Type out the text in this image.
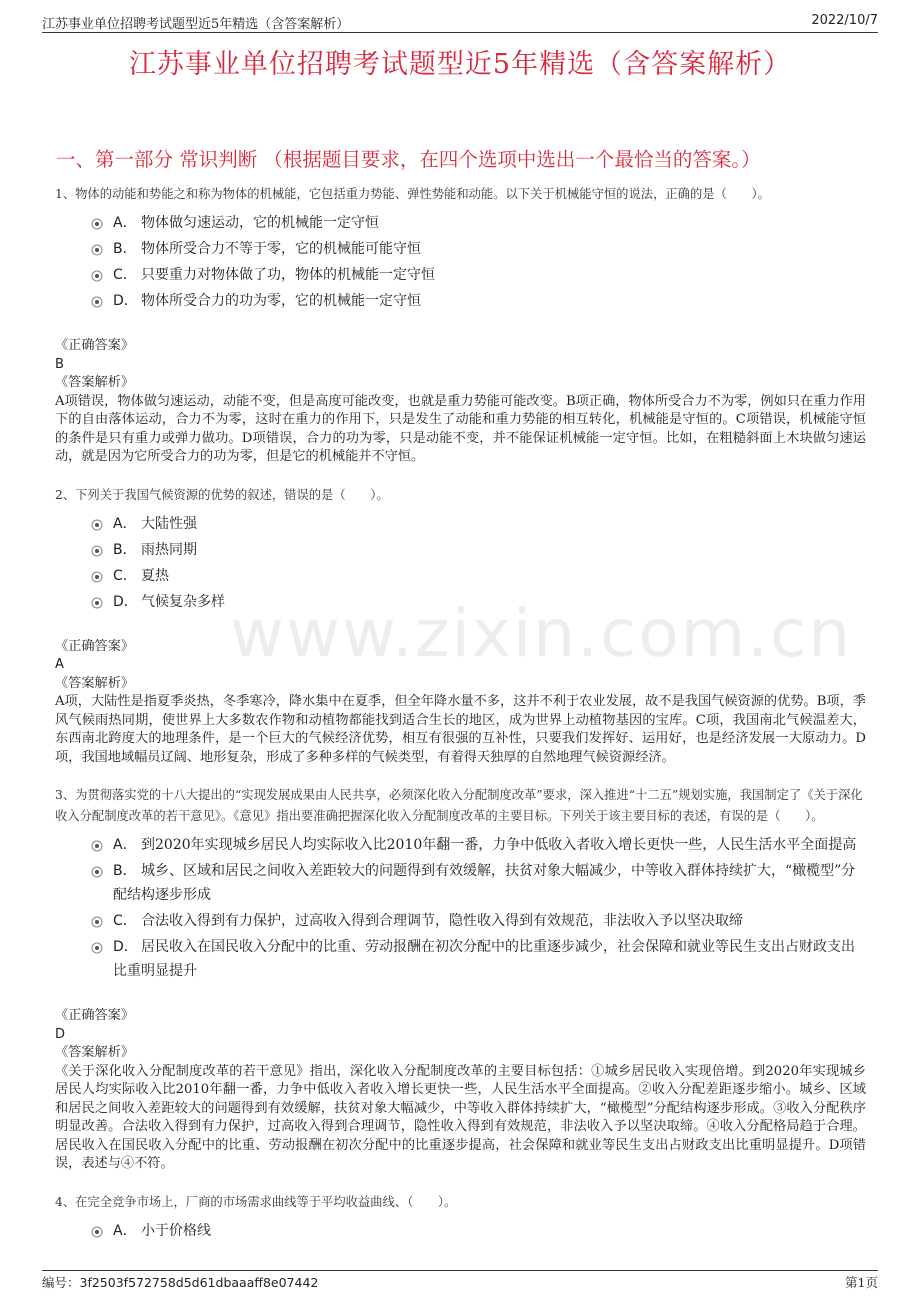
江苏事业单位招聘考试题型近5年精选（含答案解析）	2022/10/7
江苏事业单位招聘考试题型近5年精选（含答案解析）
一、第一部分 常识判断 （根据题目要求，在四个选项中选出一个最恰当的答案。）

1、物体的动能和势能之和称为物体的机械能，它包括重力势能、弹性势能和动能。以下关于机械能守恒的说法，正确的是（　　）。

A． 物体做匀速运动，它的机械能一定守恒
B． 物体所受合力不等于零，它的机械能可能守恒
C． 只要重力对物体做了功，物体的机械能一定守恒
D． 物体所受合力的功为零，它的机械能一定守恒

《正确答案》

B

《答案解析》

A项错误，物体做匀速运动，动能不变，但是高度可能改变，也就是重力势能可能改变。B项正确，物体所受合力不为零，例如只在重力作用下的自由落体运动，合力不为零，这时在重力的作用下，只是发生了动能和重力势能的相互转化，机械能是守恒的。C项错误，机械能守恒的条件是只有重力或弹力做功。D项错误，合力的功为零，只是动能不变，并不能保证机械能一定守恒。比如，在粗糙斜面上木块做匀速运动，就是因为它所受合力的功为零，但是它的机械能并不守恒。

2、下列关于我国气候资源的优势的叙述，错误的是（　　）。

A． 大陆性强
B． 雨热同期
C． 夏热
D． 气候复杂多样

《正确答案》

A

《答案解析》

A项，大陆性是指夏季炎热，冬季寒冷，降水集中在夏季，但全年降水量不多，这并不利于农业发展，故不是我国气候资源的优势。B项，季风气候雨热同期，使世界上大多数农作物和动植物都能找到适合生长的地区，成为世界上动植物基因的宝库。C项，我国南北气候温差大，东西南北跨度大的地理条件，是一个巨大的气候经济优势，相互有很强的互补性，只要我们发挥好、运用好，也是经济发展一大原动力。D项，我国地域幅员辽阔、地形复杂，形成了多种多样的气候类型，有着得天独厚的自然地理气候资源经济。

3、为贯彻落实党的十八大提出的“实现发展成果由人民共享，必须深化收入分配制度改革”要求，深入推进“十二五”规划实施，我国制定了《关于深化收入分配制度改革的若干意见》。《意见》指出要准确把握深化收入分配制度改革的主要目标。下列关于该主要目标的表述，有误的是（　　）。

A． 到2020年实现城乡居民人均实际收入比2010年翻一番，力争中低收入者收入增长更快一些，人民生活水平全面提高
B． 城乡、区域和居民之间收入差距较大的问题得到有效缓解，扶贫对象大幅减少，中等收入群体持续扩大，“橄榄型”分配结构逐步形成
C． 合法收入得到有力保护，过高收入得到合理调节，隐性收入得到有效规范，非法收入予以坚决取缔
D． 居民收入在国民收入分配中的比重、劳动报酬在初次分配中的比重逐步减少，社会保障和就业等民生支出占财政支出比重明显提升

《正确答案》

D

《答案解析》

《关于深化收入分配制度改革的若干意见》指出，深化收入分配制度改革的主要目标包括：①城乡居民收入实现倍增。到2020年实现城乡居民人均实际收入比2010年翻一番，力争中低收入者收入增长更快一些，人民生活水平全面提高。②收入分配差距逐步缩小。城乡、区域和居民之间收入差距较大的问题得到有效缓解，扶贫对象大幅减少，中等收入群体持续扩大，“橄榄型”分配结构逐步形成。③收入分配秩序明显改善。合法收入得到有力保护，过高收入得到合理调节，隐性收入得到有效规范，非法收入予以坚决取缔。④收入分配格局趋于合理。居民收入在国民收入分配中的比重、劳动报酬在初次分配中的比重逐步提高，社会保障和就业等民生支出占财政支出比重明显提升。D项错误，表述与④不符。

4、在完全竞争市场上，厂商的市场需求曲线等于平均收益曲线、（　　）。

A． 小于价格线
www.zixin.com.cn
编号：3f2503f572758d5d61dbaaaff8e07442	第1页
